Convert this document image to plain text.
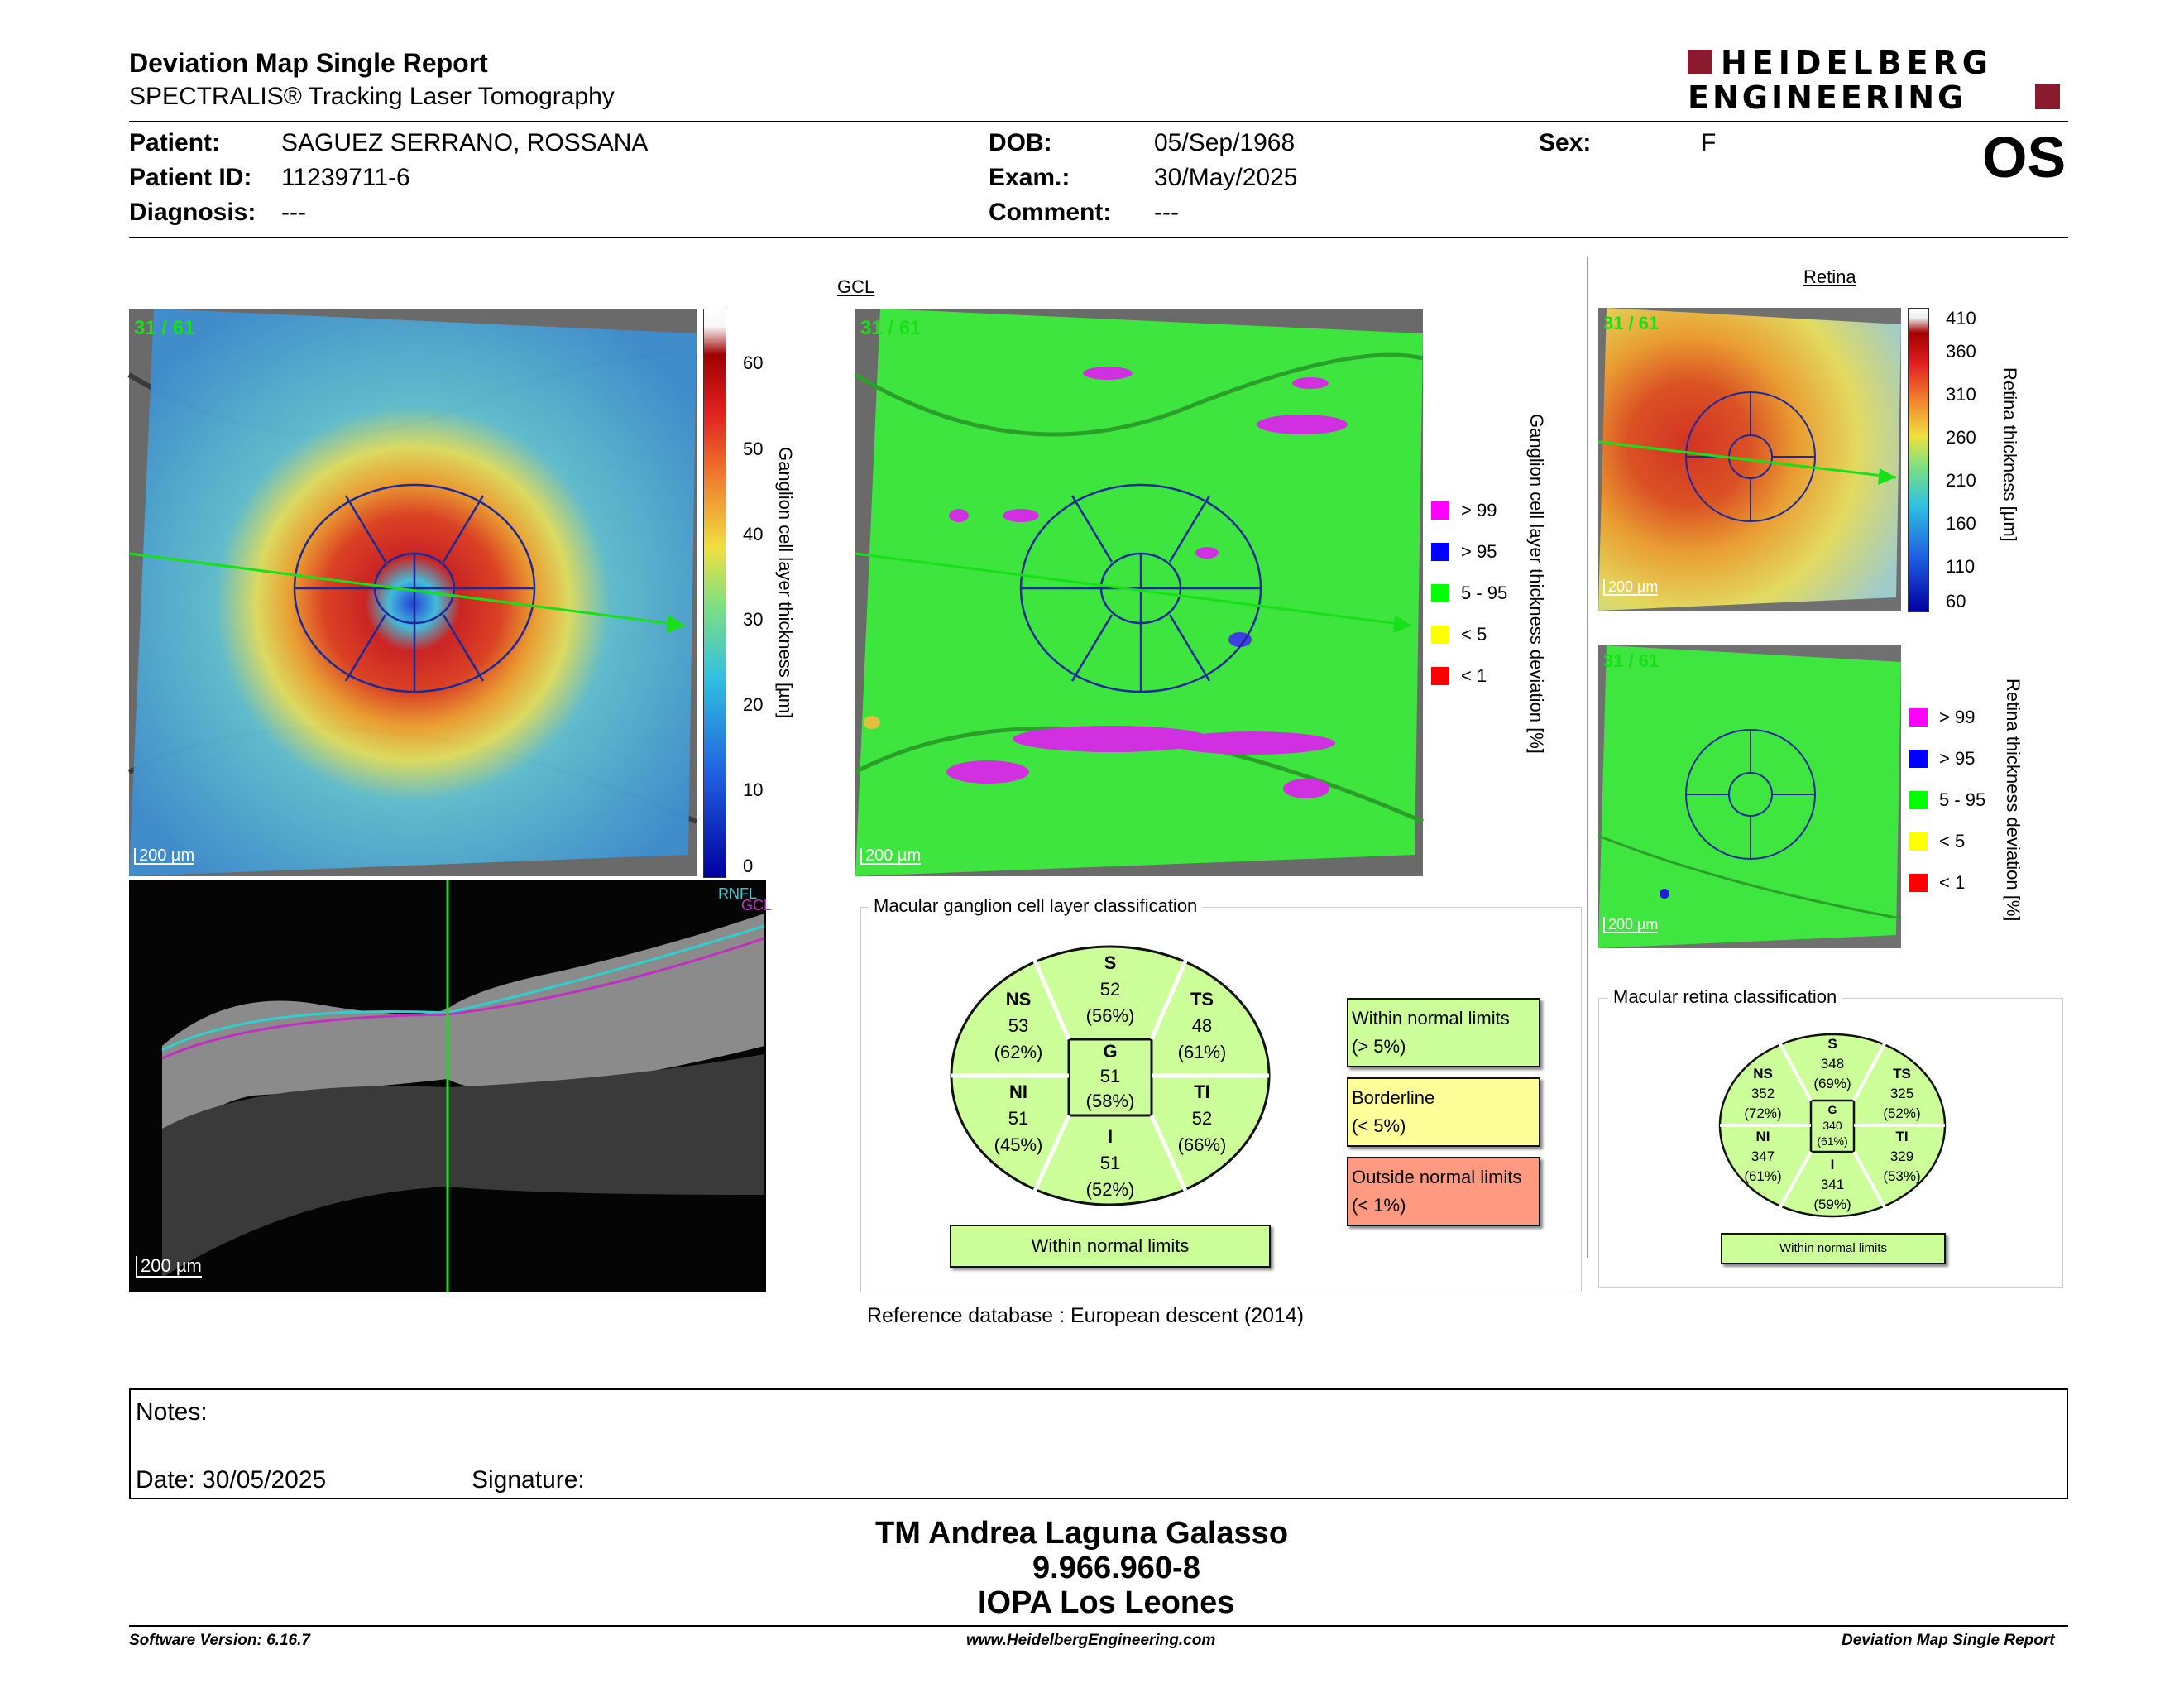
Deviation Map Single Report
SPECTRALIS® Tracking Laser Tomography
HEIDELBERG
ENGINEERING
Patient: SAGUEZ SERRANO, ROSSANA
Patient ID: 11239711-6
Diagnosis: ---
DOB:	05/Sep/1968
Exam.:	30/May/2025
Comment: ---
Sex:	F	OS
31 / 61
200 µm
60
50
40
30
20
10
0
Ganglion cell layer thickness [µm]
RNFL
GCL
200 µm
GCL
31 / 61
200 µm
> 99
> 95
5 - 95
< 5
< 1 Ganglion cell layer thickness deviation [%]
Macular ganglion cell layer classification
S
52
(56%)
NS
53
(62%)
TS
48
(61%)
G
51
(58%)
NI
51
(45%)
TI
52
(66%)
I
51
(52%)
Within normal limits
Within normal limits
(> 5%)
Borderline
(< 5%)
Outside normal limits
(< 1%)
Reference database : European descent (2014)
Retina
31 / 61
200 µm
410
360
310
260
210
160
110
60
Retina thickness [µm]
31 / 61
200 µm
> 99
> 95
5 - 95
< 5
< 1 Retina thickness deviation [%]
Macular retina classification
S
348
(69%)
NS
352
(72%)
TS
325
(52%)
G
340
(61%)
NI
347
(61%)
TI
329
(53%)
I
341
(59%)
Within normal limits
Notes:
Date: 30/05/2025	Signature:
TM Andrea Laguna Galasso
9.966.960-8
IOPA Los Leones
Software Version: 6.16.7	www.HeidelbergEngineering.com	Deviation Map Single Report
